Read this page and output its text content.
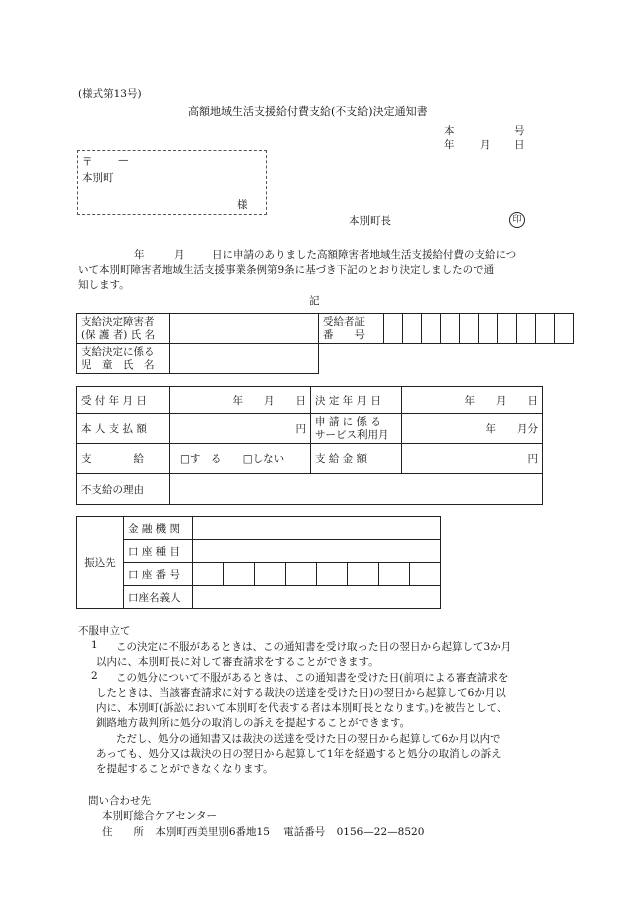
(様式第13号)
高額地域生活支援給付費支給(不支給)決定通知書
本	号
年 月 日
〒 —
本別町
様
本別町長	印
年	月	日に申請のありました高額障害者地域生活支援給付費の支給につ
いて本別町障害者地域生活支援事業条例第9条に基づき下記のとおり決定しましたので通
知します。
記
支給決定障害者
(保 護 者) 氏 名		受給者証
番　　号										
支給決定に係る
児　童　氏　名												
受 付 年 月 日	年　　月　　日	決 定 年 月 日	年　　月　　日
本 人 支 払 額	円	申 請 に 係 る
サービス利用月	年　　月分
支　　　　給	□す　る □しない	支 給 金 額	円
不支給の理由			
振込先	金 融 機 関								
	口 座 種 目								
	口 座 番 号								
	口座名義人								
不服申立て
1 この決定に不服があるときは、この通知書を受け取った日の翌日から起算して3か月
以内に、本別町長に対して審査請求をすることができます。
2 この処分について不服があるときは、この通知書を受けた日(前項による審査請求を
したときは、当該審査請求に対する裁決の送達を受けた日)の翌日から起算して6か月以
内に、本別町(訴訟において本別町を代表する者は本別町長となります。)を被告として、
釧路地方裁判所に処分の取消しの訴えを提起することができます。
ただし、処分の通知書又は裁決の送達を受けた日の翌日から起算して6か月以内で
あっても、処分又は裁決の日の翌日から起算して1年を経過すると処分の取消しの訴え
を提起することができなくなります。
問い合わせ先
本別町総合ケアセンター
住　　所 本別町西美里別6番地15 電話番号 0156—22—8520
